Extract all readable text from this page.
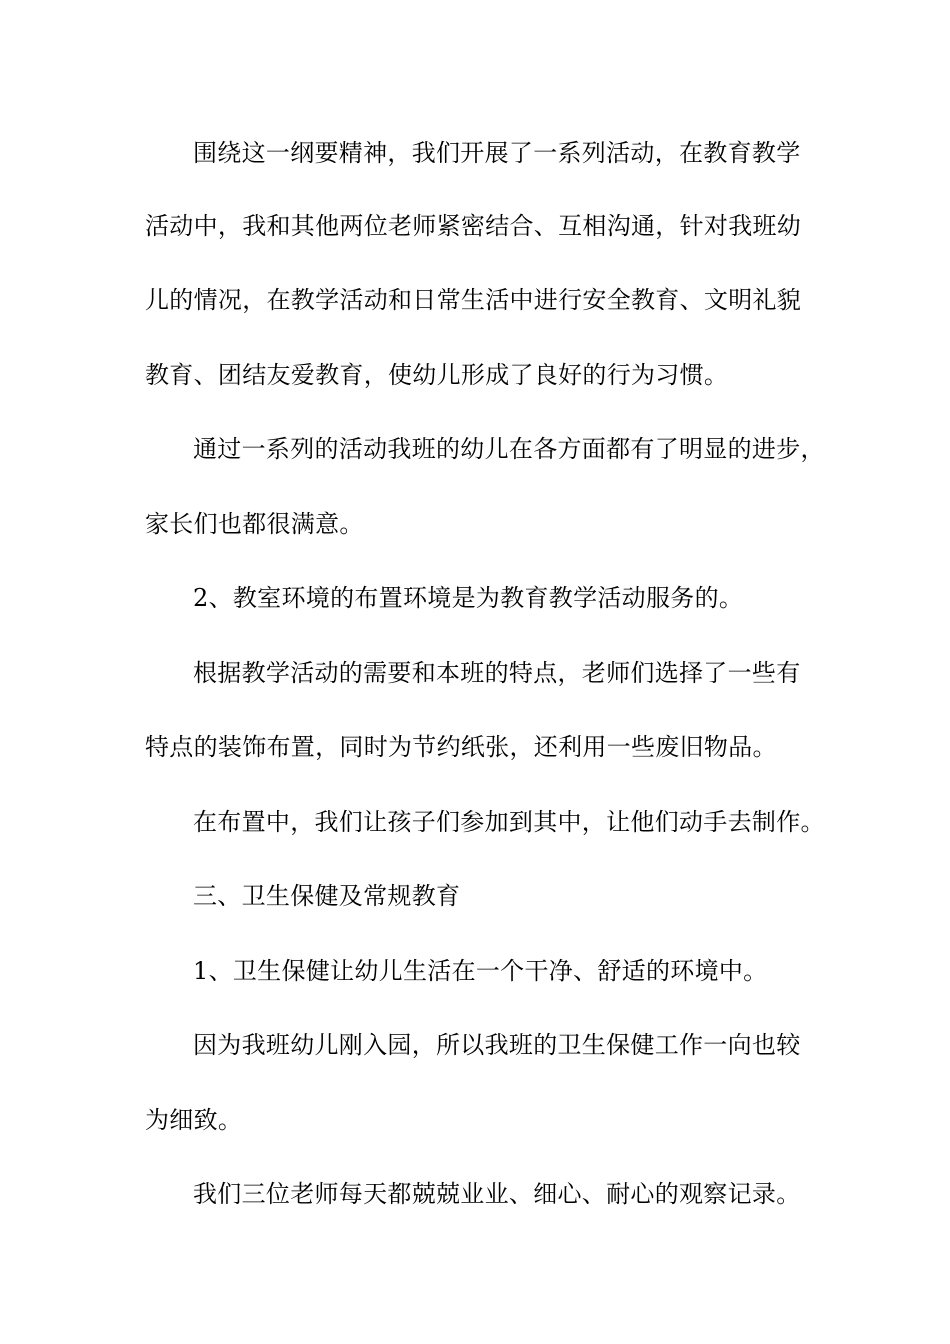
围绕这一纲要精神，我们开展了一系列活动，在教育教学
活动中，我和其他两位老师紧密结合、互相沟通，针对我班幼
儿的情况，在教学活动和日常生活中进行安全教育、文明礼貌
教育、团结友爱教育，使幼儿形成了良好的行为习惯。
通过一系列的活动我班的幼儿在各方面都有了明显的进步，
家长们也都很满意。
2、教室环境的布置环境是为教育教学活动服务的。
根据教学活动的需要和本班的特点，老师们选择了一些有
特点的装饰布置，同时为节约纸张，还利用一些废旧物品。
在布置中，我们让孩子们参加到其中，让他们动手去制作。
三、卫生保健及常规教育
1、卫生保健让幼儿生活在一个干净、舒适的环境中。
因为我班幼儿刚入园，所以我班的卫生保健工作一向也较
为细致。
我们三位老师每天都兢兢业业、细心、耐心的观察记录。
